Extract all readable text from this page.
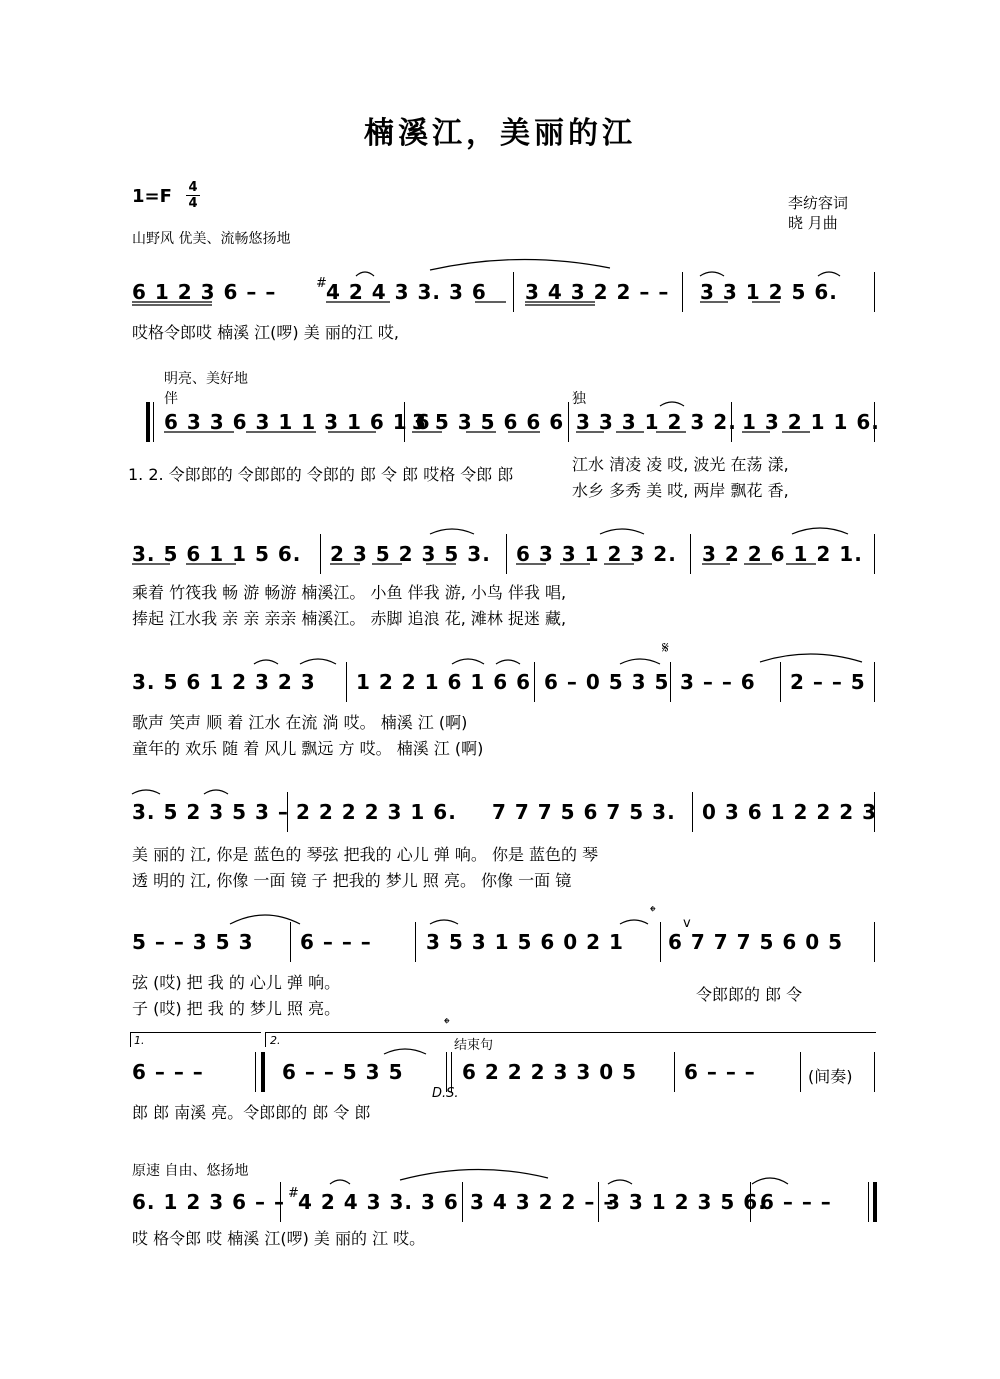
楠溪江，美丽的江
1=F 4
4	李纺容词
晓 月曲
山野风 优美、流畅悠扬地
6 1 2 3 6 – –	# 4 2 4 3 3. 3 6 3 4 3 2 2 – – 3 3 1 2 5 6.
哎格令郎哎 楠溪 江(啰) 美 丽的江 哎,
明亮、美好地
伴	独
6 3 3 6 3 1 1 3 1 6 1 6
3 5 3 5 6 6 6 3 3 3 1 2 3 2. 1 3 2 1 1 6.
1. 2. 令郎郎的 令郎郎的 令郎的 郎 令 郎 哎格 令郎 郎
江水 清凌 凌 哎, 波光 在荡 漾,
水乡 多秀 美 哎, 两岸 飘花 香,
3. 5 6 1 1 5 6. 2 3 5 2 3 5 3. 6 3 3 1 2 3 2. 3 2 2 6 1 2 1.
乘着 竹筏我 畅 游 畅游 楠溪江。 小鱼 伴我 游, 小鸟 伴我 唱,
捧起 江水我 亲 亲 亲亲 楠溪江。 赤脚 追浪 花, 滩林 捉迷 藏,
𝄋
3. 5 6 1 2 3 2 3 1 2 2 1 6 1 6 6 6 – 0 5 3 5 3 – – 6 2 – – 5
歌声 笑声 顺 着 江水 在流 淌 哎。 楠溪 江 (啊)
童年的 欢乐 随 着 风儿 飘远 方 哎。 楠溪 江 (啊)
3. 5 2 3 5 3 – 2 2 2 2 3 1 6. 7 7 7 5 6 7 5 3. 0 3 6 1 2 2 2 3
美 丽的 江, 你是 蓝色的 琴弦 把我的 心儿 弹 响。 你是 蓝色的 琴
透 明的 江, 你像 一面 镜 子 把我的 梦儿 照 亮。 你像 一面 镜
𝄌
5 – – 3 5 3 6 – – –	3 5 3 1 5 6 0 2 1 6 7 7 7 5 6 0 5
v
弦 (哎) 把 我 的 心儿 弹 响。
子 (哎) 把 我 的 梦儿 照 亮。
令郎郎的 郎 令
1.	2.
𝄌
结束句
6 – – –	6 – – 5 3 5	6 2 2 2 3 3 0 5 6 – – –
D.S.
(间奏)
郎 郎 南溪 亮。令郎郎的 郎 令 郎
原速 自由、悠扬地
6. 1 2 3 6 – – # 4 2 4 3 3. 3 6 3 4 3 2 2 – –
3 3 1 2 3 5 6.
6 – – –
哎 格令郎 哎 楠溪 江(啰) 美 丽的 江 哎。
